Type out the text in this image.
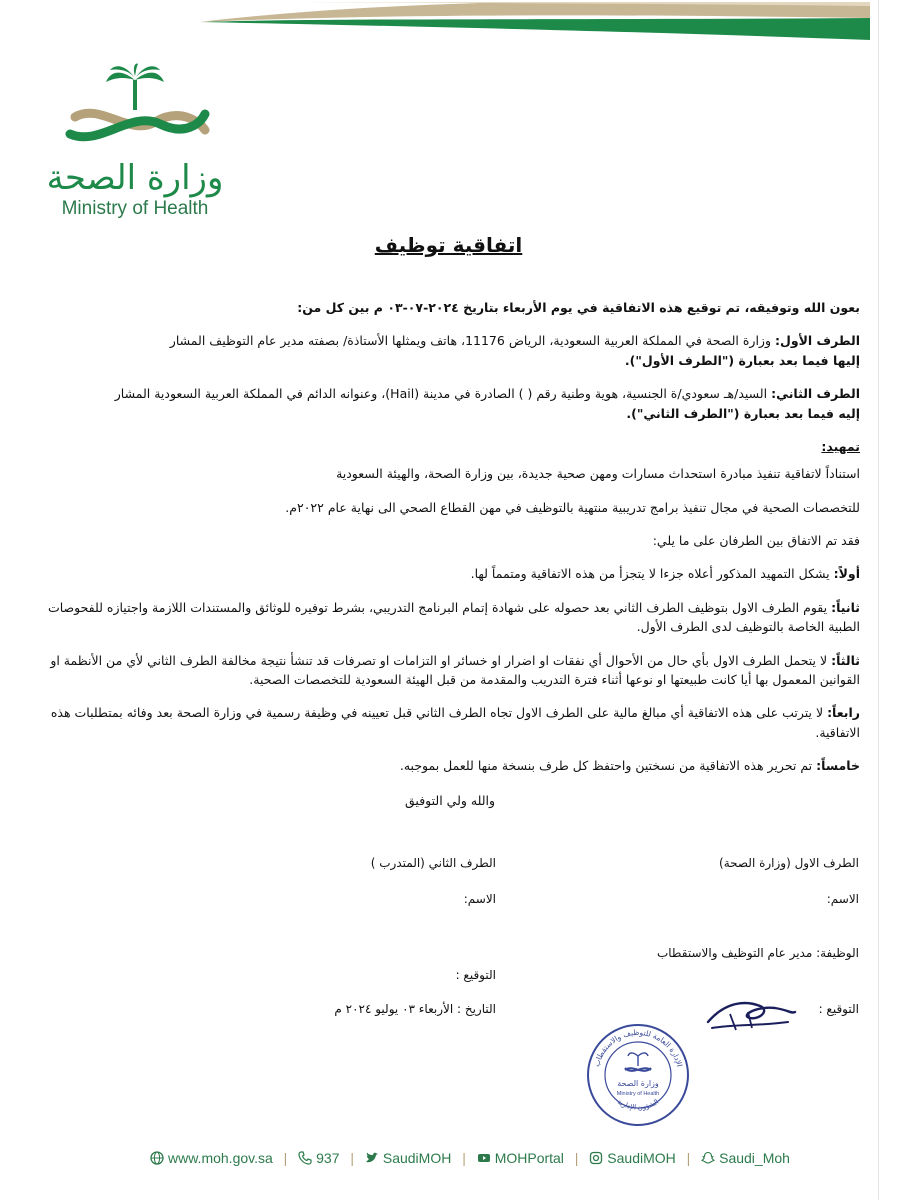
وزارة الصحة
Ministry of Health
اتفاقية توظيف

بعون الله وتوفيقه، تم توقيع هذه الاتفاقية في يوم الأربعاء بتاريخ ٢٠٢٤-٠٧-٠٣ م بين كل من:

الطرف الأول: وزارة الصحة في المملكة العربية السعودية، الرياض 11176، هاتف ويمثلها الأستاذة/ بصفته مدير عام التوظيف المشار
إليها فيما بعد بعبارة ("الطرف الأول").

الطرف الثاني: السيد/هـ سعودي/ة الجنسية، هوية وطنية رقم ( ) الصادرة في مدينة (Hail)، وعنوانه الدائم في المملكة العربية السعودية المشار
إليه فيما بعد بعبارة ("الطرف الثاني").

تمهيد:

استناداً لاتفاقية تنفيذ مبادرة استحداث مسارات ومهن صحية جديدة، بين وزارة الصحة، والهيئة السعودية

للتخصصات الصحية في مجال تنفيذ برامج تدريبية منتهية بالتوظيف في مهن القطاع الصحي الى نهاية عام ٢٠٢٢م.

فقد تم الاتفاق بين الطرفان على ما يلي:

أولاً: يشكل التمهيد المذكور أعلاه جزءا لا يتجزأ من هذه الاتفاقية ومتمماً لها.

ثانياً: يقوم الطرف الاول بتوظيف الطرف الثاني بعد حصوله على شهادة إتمام البرنامج التدريبي، بشرط توفيره للوثائق والمستندات اللازمة واجتيازه للفحوصات الطبية الخاصة بالتوظيف لدى الطرف الأول.

ثالثاً: لا يتحمل الطرف الاول بأي حال من الأحوال أي نفقات او اضرار او خسائر او التزامات او تصرفات قد تنشأ نتيجة مخالفة الطرف الثاني لأي من الأنظمة او القوانين المعمول بها أيا كانت طبيعتها او نوعها أثناء فترة التدريب والمقدمة من قبل الهيئة السعودية للتخصصات الصحية.

رابعاً: لا يترتب على هذه الاتفاقية أي مبالغ مالية على الطرف الاول تجاه الطرف الثاني قبل تعيينه في وظيفة رسمية في وزارة الصحة بعد وفائه بمتطلبات هذه الاتفاقية.

خامساً: تم تحرير هذه الاتفاقية من نسختين واحتفظ كل طرف بنسخة منها للعمل بموجبه.

والله ولي التوفيق
الطرف الاول (وزارة الصحة)
الاسم:
الوظيفة: مدير عام التوظيف والاستقطاب
التوقيع :
الطرف الثاني (المتدرب )
الاسم:
التوقيع :
التاريخ : الأربعاء ٠٣ يوليو ٢٠٢٤ م
الإدارة العامة للتوظيف والاستقطاب
الشؤون الإدارية
وزارة الصحة
Ministry of Health
www.moh.gov.sa | 937 | SaudiMOH | MOHPortal | SaudiMOH | Saudi_Moh
